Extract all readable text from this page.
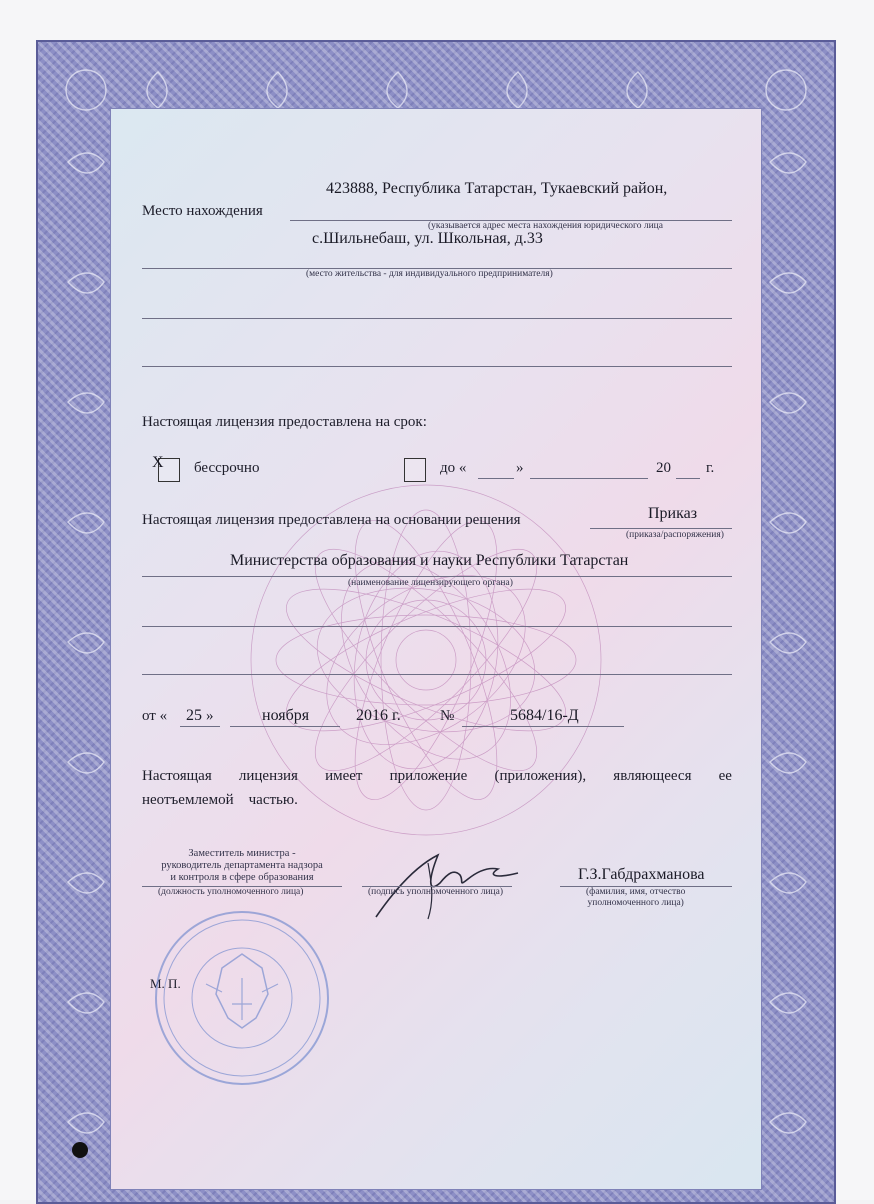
423888, Республика Татарстан, Тукаевский район,
Место нахождения
(указывается адрес места нахождения юридического лица
с.Шильнебаш, ул. Школьная, д.33
(место жительства - для индивидуального предпринимателя)
Настоящая лицензия предоставлена на срок:
Х бессрочно	до «	»	20 г.
Приказ
Настоящая лицензия предоставлена на основании решения
(приказа/распоряжения)
Министерства образования и науки Республики Татарстан
(наименование лицензирующего органа)
от « 25 »	ноября	2016 г.	№	5684/16-Д
Настоящая лицензия имеет приложение (приложения), являющееся ее
неотъемлемой    частью.
Заместитель министра -
руководитель департамента надзора
и контроля в сфере образования
(должность уполномоченного лица)	(подпись уполномоченного лица)
Г.З.Габдрахманова
(фамилия, имя, отчество
уполномоченного лица)
М. П.
